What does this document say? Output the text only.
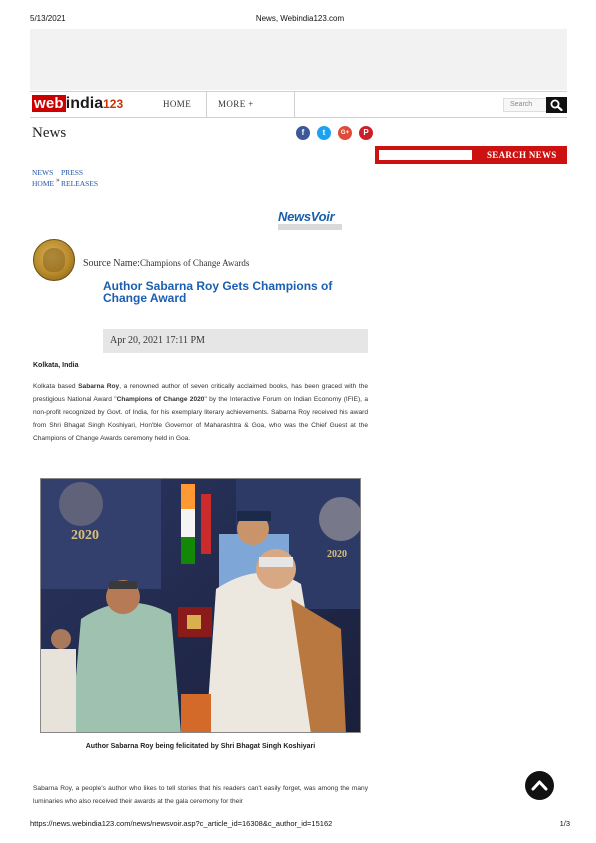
5/13/2021	News, Webindia123.com
web india123	HOME	MORE +	Search
News	f	t	G+	P
SEARCH NEWS
NEWS
HOME »
PRESS
RELEASES
NewsVoir
Source Name:Champions of Change Awards
Author Sabarna Roy Gets Champions of Change Award
Apr 20, 2021 17:11 PM
Kolkata, India
Kolkata based Sabarna Roy, a renowned author of seven critically acclaimed books, has been graced with the prestigious National Award "Champions of Change 2020" by the Interactive Forum on Indian Economy (IFIE), a non-profit recognized by Govt. of India, for his exemplary literary achievements. Sabarna Roy received his award from Shri Bhagat Singh Koshiyari, Hon'ble Governor of Maharashtra & Goa, who was the Chief Guest at the Champions of Change Awards ceremony held in Goa.
2020
2020
Author Sabarna Roy being felicitated by Shri Bhagat Singh Koshiyari
Sabarna Roy, a people's author who likes to tell stories that his readers can't easily forget, was among the many luminaries who also received their awards at the gala ceremony for their
https://news.webindia123.com/news/newsvoir.asp?c_article_id=16308&c_author_id=15162	1/3
